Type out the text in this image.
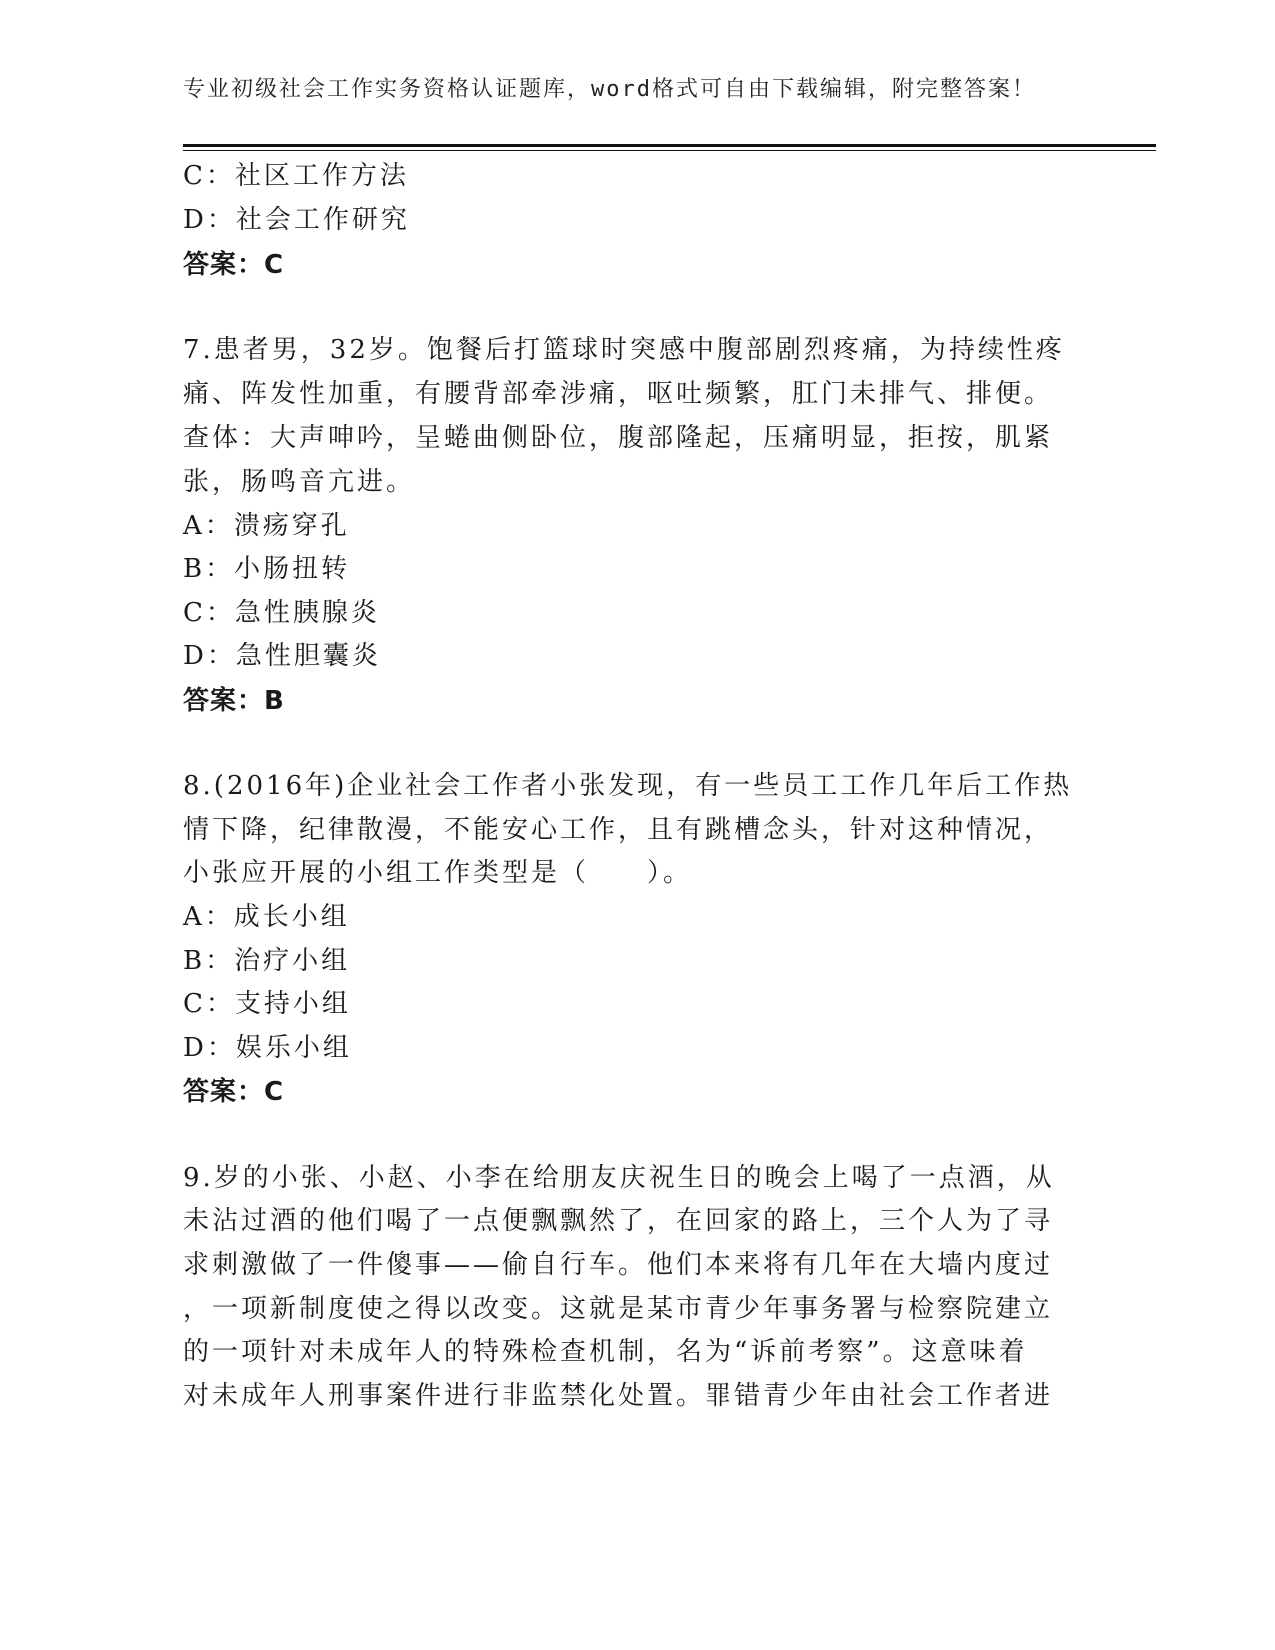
专业初级社会工作实务资格认证题库，word格式可自由下载编辑，附完整答案！
C：社区工作方法
D：社会工作研究
答案：C
7.患者男，32岁。饱餐后打篮球时突感中腹部剧烈疼痛，为持续性疼
痛、阵发性加重，有腰背部牵涉痛，呕吐频繁，肛门未排气、排便。
查体：大声呻吟，呈蜷曲侧卧位，腹部隆起，压痛明显，拒按，肌紧
张，肠鸣音亢进。
A：溃疡穿孔
B：小肠扭转
C：急性胰腺炎
D：急性胆囊炎
答案：B
8.(2016年)企业社会工作者小张发现，有一些员工工作几年后工作热
情下降，纪律散漫，不能安心工作，且有跳槽念头，针对这种情况，
小张应开展的小组工作类型是（　　）。
A：成长小组
B：治疗小组
C：支持小组
D：娱乐小组
答案：C
9.岁的小张、小赵、小李在给朋友庆祝生日的晚会上喝了一点酒，从
未沾过酒的他们喝了一点便飘飘然了，在回家的路上，三个人为了寻
求刺激做了一件傻事——偷自行车。他们本来将有几年在大墙内度过
，一项新制度使之得以改变。这就是某市青少年事务署与检察院建立
的一项针对未成年人的特殊检查机制，名为“诉前考察”。这意味着
对未成年人刑事案件进行非监禁化处置。罪错青少年由社会工作者进
